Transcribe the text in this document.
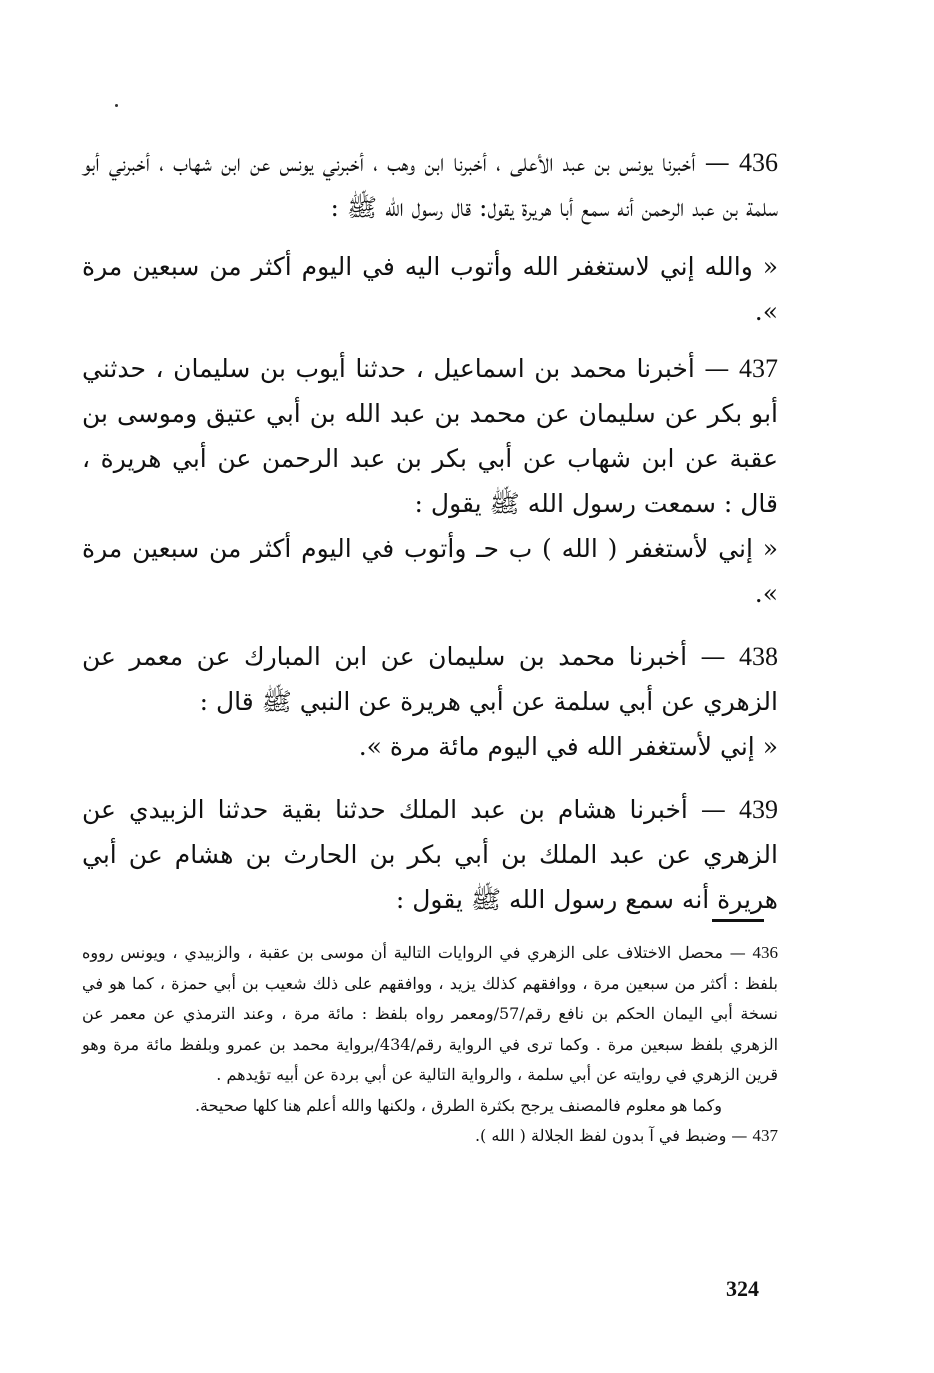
436 — أخبرنا يونس بن عبد الأعلى ، أخبرنا ابن وهب ، أخبرني يونس عن ابن شهاب ، أخبرني أبو سلمة بن عبد الرحمن أنه سمع أبا هريرة يقول: قال رسول الله ﷺ :

« والله إني لاستغفر الله وأتوب اليه في اليوم أكثر من سبعين مرة ».

437 — أخبرنا محمد بن اسماعيل ، حدثنا أيوب بن سليمان ، حدثني أبو بكر عن سليمان عن محمد بن عبد الله بن أبي عتيق وموسى بن عقبة عن ابن شهاب عن أبي بكر بن عبد الرحمن عن أبي هريرة ، قال : سمعت رسول الله ﷺ يقول :

« إني لأستغفر ( الله ) ب حـ وأتوب في اليوم أكثر من سبعين مرة ».

438 — أخبرنا محمد بن سليمان عن ابن المبارك عن معمر عن الزهري عن أبي سلمة عن أبي هريرة عن النبي ﷺ قال :

« إني لأستغفر الله في اليوم مائة مرة ».

439 — أخبرنا هشام بن عبد الملك حدثنا بقية حدثنا الزبيدي عن الزهري عن عبد الملك بن أبي بكر بن الحارث بن هشام عن أبي هريرة أنه سمع رسول الله ﷺ يقول :

436 — محصل الاختلاف على الزهري في الروايات التالية أن موسى بن عقبة ، والزبيدي ، ويونس رووه بلفظ : أكثر من سبعين مرة ، ووافقهم كذلك يزيد ، ووافقهم على ذلك شعيب بن أبي حمزة ، كما هو في نسخة أبي اليمان الحكم بن نافع رقم/57/ومعمر رواه بلفظ : مائة مرة ، وعند الترمذي عن معمر عن الزهري بلفظ سبعين مرة . وكما ترى في الرواية رقم/434/برواية محمد بن عمرو وبلفظ مائة مرة وهو قرين الزهري في روايته عن أبي سلمة ، والرواية التالية عن أبي بردة عن أبيه تؤيدهم .

وكما هو معلوم فالمصنف يرجح بكثرة الطرق ، ولكنها والله أعلم هنا كلها صحيحة.

437 — وضبط في آ بدون لفظ الجلالة ( الله ).

324
